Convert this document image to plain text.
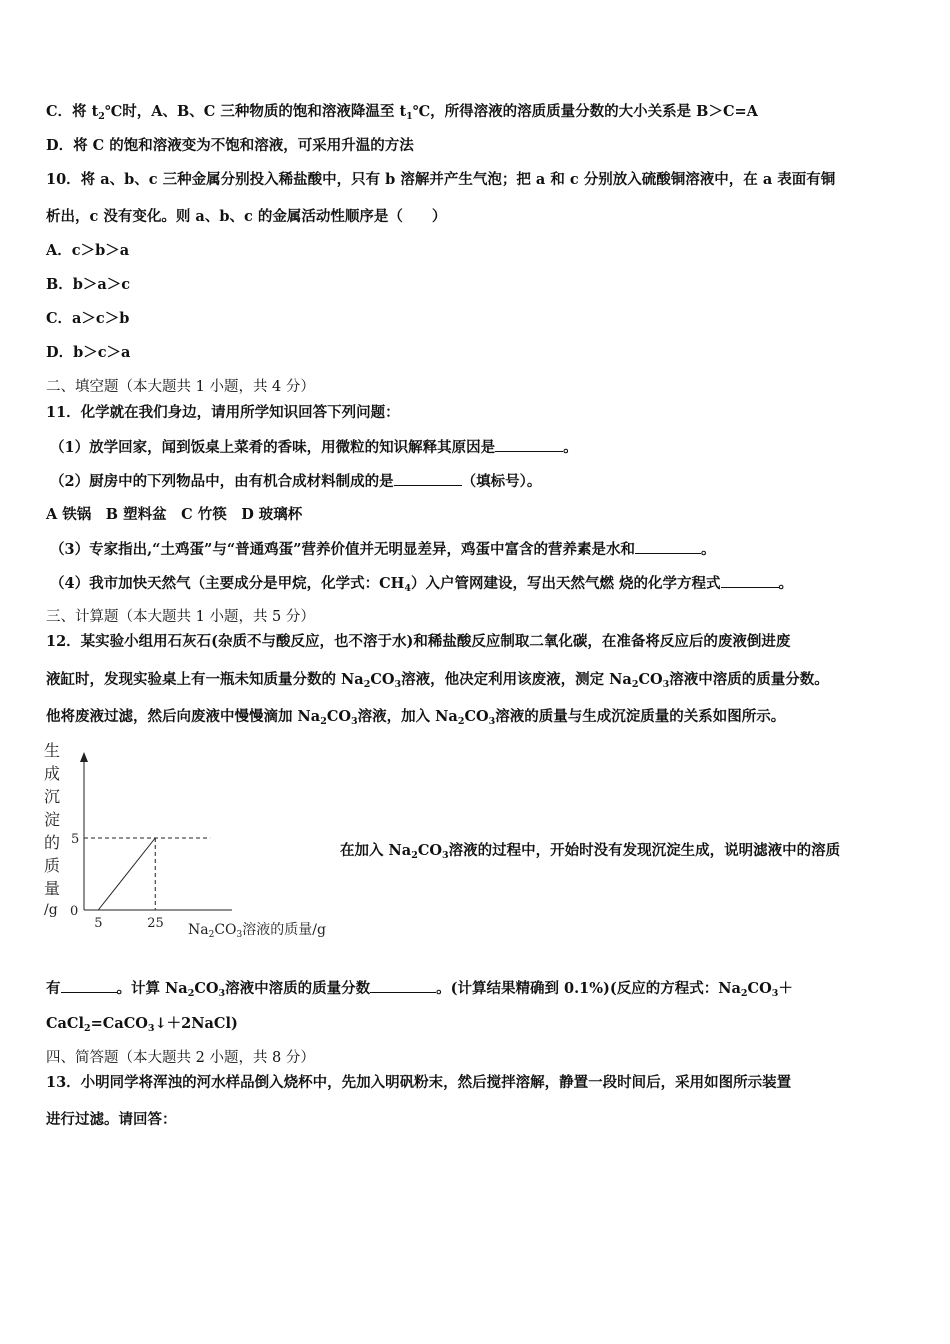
C．将 $t_2℃$时，A、B、C 三种物质的饱和溶液降温至 $t_1℃$，所得溶液的溶质质量分数的大小关系是 B＞C=A
D．将 C 的饱和溶液变为不饱和溶液，可采用升温的方法
10．将 a、b、c 三种金属分别投入稀盐酸中，只有 b 溶解并产生气泡；把 a 和 c 分别放入硫酸铜溶液中，在 a 表面有铜
析出，c 没有变化。则 a、b、c 的金属活动性顺序是（　　）
A．c＞b＞a
B．b＞a＞c
C．a＞c＞b
D．b＞c＞a
二、填空题（本大题共 1 小题，共 4 分）
11．化学就在我们身边，请用所学知识回答下列问题：
（1）放学回家，闻到饭桌上菜肴的香味，用微粒的知识解释其原因是	。
（2）厨房中的下列物品中，由有机合成材料制成的是	（填标号）。
A 铁锅　B 塑料盆　C 竹筷　D 玻璃杯
（3）专家指出,“土鸡蛋”与“普通鸡蛋”营养价值并无明显差异，鸡蛋中富含的营养素是水和	。
（4）我市加快天然气（主要成分是甲烷，化学式：$CH_4$）入户管网建设，写出天然气燃 烧的化学方程式	。
三、计算题（本大题共 1 小题，共 5 分）
12．某实验小组用石灰石(杂质不与酸反应，也不溶于水)和稀盐酸反应制取二氧化碳，在准备将反应后的废液倒进废
液缸时，发现实验桌上有一瓶未知质量分数的 $Na_2CO_3$溶液，他决定利用该废液，测定 $Na_2CO_3$溶液中溶质的质量分数。
他将废液过滤，然后向废液中慢慢滴加 $Na_2CO_3$溶液，加入 $Na_2CO_3$溶液的质量与生成沉淀质量的关系如图所示。
生
成
沉
淀
的
质
量
/g 0
5	25
5
$Na_2CO_3$溶液的质量/g
在加入 $Na_2CO_3$溶液的过程中，开始时没有发现沉淀生成，说明滤液中的溶质
有	。计算 $Na_2CO_3$溶液中溶质的质量分数	。(计算结果精确到 0.1%)(反应的方程式：$Na_2CO_3+$
CaCl$_2$=CaCO$_3$↓＋2NaCl)
四、简答题（本大题共 2 小题，共 8 分）
13．小明同学将浑浊的河水样品倒入烧杯中，先加入明矾粉末，然后搅拌溶解，静置一段时间后，采用如图所示装置
进行过滤。请回答：
